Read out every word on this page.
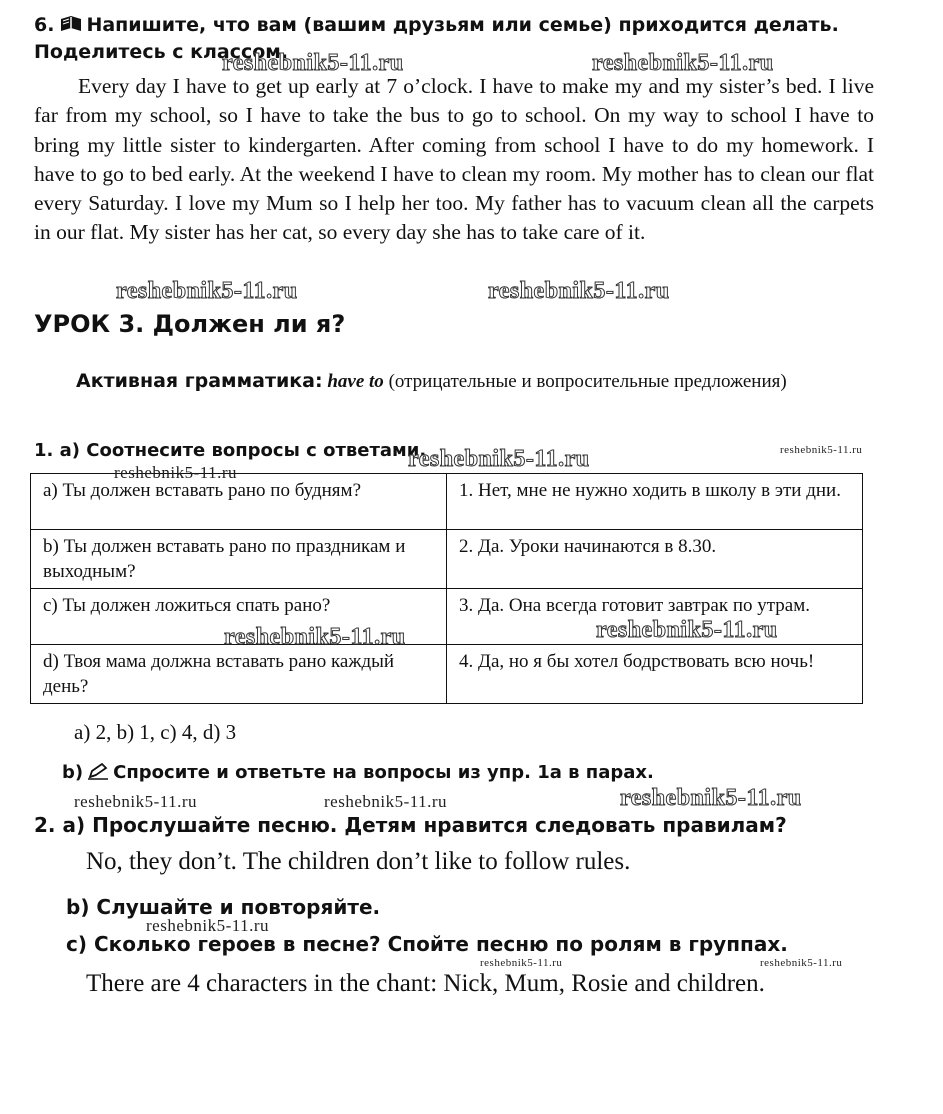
6. Напишите, что вам (вашим друзьям или семье) приходится делать. Поделитесь с классом.
Every day I have to get up early at 7 o’clock. I have to make my and my sister’s bed. I live far from my school, so I have to take the bus to go to school. On my way to school I have to bring my little sister to kindergarten. After coming from school I have to do my homework. I have to go to bed early. At the weekend I have to clean my room. My mother has to clean our flat every Saturday. I love my Mum so I help her too. My father has to vacuum clean all the carpets in our flat. My sister has her cat, so every day she has to take care of it.
УРОК 3. Должен ли я?
Активная грамматика: have to (отрицательные и вопросительные предложения)
1. а) Соотнесите вопросы с ответами.
a) Ты должен вставать рано по будням?	1. Нет, мне не нужно ходить в школу в эти дни.
b) Ты должен вставать рано по праздникам и выходным?	2. Да. Уроки начинаются в 8.30.
c) Ты должен ложиться спать рано?	3. Да. Она всегда готовит завтрак по утрам.
d) Твоя мама должна вставать рано каждый день?	4. Да, но я бы хотел бодрствовать всю ночь!
a) 2, b) 1, c) 4, d) 3
b) Спросите и ответьте на вопросы из упр. 1a в парах.
2. а) Прослушайте песню. Детям нравится следовать правилам?
No, they don’t. The children don’t like to follow rules.
b) Слушайте и повторяйте.
c) Сколько героев в песне? Спойте песню по ролям в группах.
There are 4 characters in the chant: Nick, Mum, Rosie and children.
reshebnik5-11.ru	reshebnik5-11.ru
reshebnik5-11.ru	reshebnik5-11.ru
reshebnik5-11.ru	reshebnik5-11.ru
reshebnik5-11.ru
reshebnik5-11.ru	reshebnik5-11.ru
reshebnik5-11.ru	reshebnik5-11.ru	reshebnik5-11.ru
reshebnik5-11.ru
reshebnik5-11.ru	reshebnik5-11.ru
